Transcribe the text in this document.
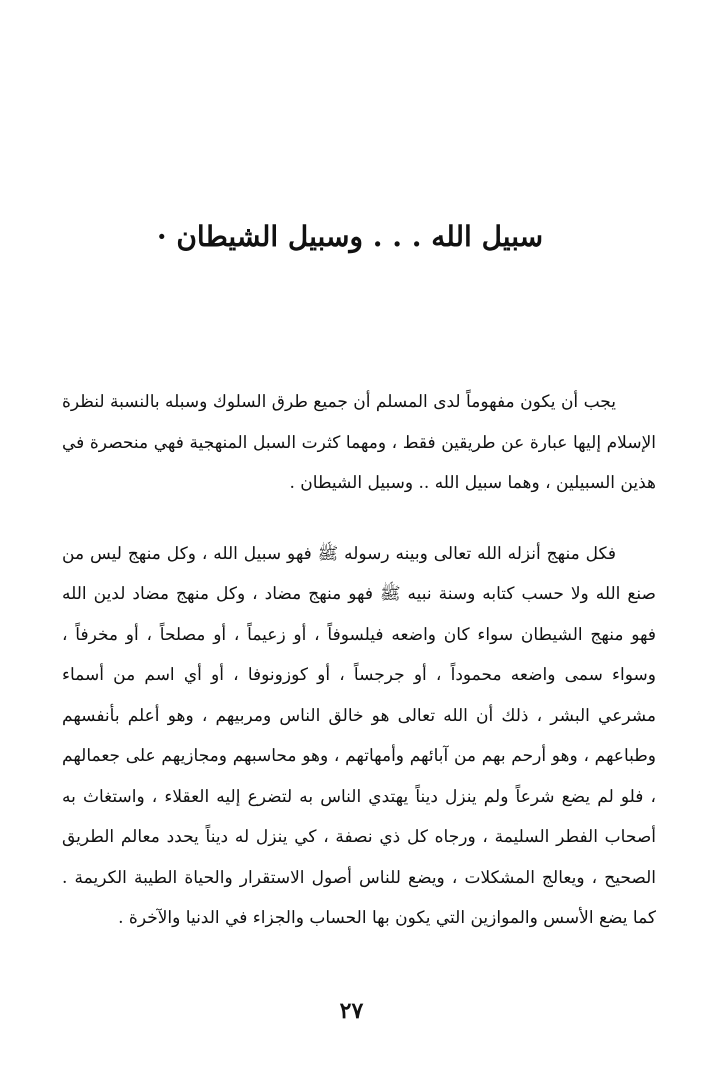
سبيل الله . . . وسبيل الشيطان ·

يجب أن يكون مفهوماً لدى المسلم أن جميع طرق السلوك وسبله بالنسبة لنظرة الإسلام إليها عبارة عن طريقين فقط ، ومهما كثرت السبل المنهجية فهي منحصرة في هذين السبيلين ، وهما سبيل الله .. وسبيل الشيطان .

فكل منهج أنزله الله تعالى وبينه رسوله ﷺ فهو سبيل الله ، وكل منهج ليس من صنع الله ولا حسب كتابه وسنة نبيه ﷺ فهو منهج مضاد ، وكل منهج مضاد لدين الله فهو منهج الشيطان سواء كان واضعه فيلسوفاً ، أو زعيماً ، أو مصلحاً ، أو مخرفاً ، وسواء سمى واضعه محموداً ، أو جرجساً ، أو كوزونوفا ، أو أي اسم من أسماء مشرعي البشر ، ذلك أن الله تعالى هو خالق الناس ومربيهم ، وهو أعلم بأنفسهم وطباعهم ، وهو أرحم بهم من آبائهم وأمهاتهم ، وهو محاسبهم ومجازيهم على جعمالهم ، فلو لم يضع شرعاً ولم ينزل ديناً يهتدي الناس به لتضرع إليه العقلاء ، واستغاث به أصحاب الفطر السليمة ، ورجاه كل ذي نصفة ، كي ينزل له ديناً يحدد معالم الطريق الصحيح ، ويعالج المشكلات ، ويضع للناس أصول الاستقرار والحياة الطيبة الكريمة . كما يضع الأسس والموازين التي يكون بها الحساب والجزاء في الدنيا والآخرة .

٢٧
